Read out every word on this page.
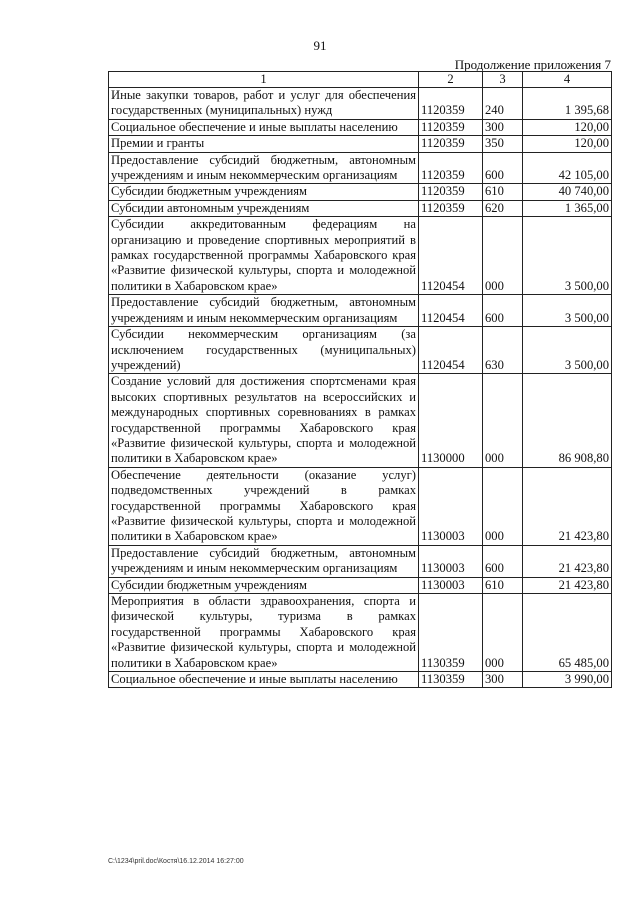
91
Продолжение приложения 7
1	2	3	4
Иные закупки товаров, работ и услуг для обеспечения государственных (муниципальных) нужд	1120359	240	1 395,68
Социальное обеспечение и иные выплаты населению	1120359	300	120,00
Премии и гранты	1120359	350	120,00
Предоставление субсидий бюджетным, автономным учреждениям и иным некоммерческим организациям	1120359	600	42 105,00
Субсидии бюджетным учреждениям	1120359	610	40 740,00
Субсидии автономным учреждениям	1120359	620	1 365,00
Субсидии аккредитованным федерациям на организацию и проведение спортивных мероприятий в рамках государственной программы Хабаровского края «Развитие физической культуры, спорта и молодежной политики в Хабаровском крае»	1120454	000	3 500,00
Предоставление субсидий бюджетным, автономным учреждениям и иным некоммерческим организациям	1120454	600	3 500,00
Субсидии некоммерческим организациям (за исключением государственных (муниципальных) учреждений)	1120454	630	3 500,00
Создание условий для достижения спортсменами края высоких спортивных результатов на всероссийских и международных спортивных соревнованиях в рамках государственной программы Хабаровского края «Развитие физической культуры, спорта и молодежной политики в Хабаровском крае»	1130000	000	86 908,80
Обеспечение деятельности (оказание услуг) подведомственных учреждений в рамках государственной программы Хабаровского края «Развитие физической культуры, спорта и молодежной политики в Хабаровском крае»	1130003	000	21 423,80
Предоставление субсидий бюджетным, автономным учреждениям и иным некоммерческим организациям	1130003	600	21 423,80
Субсидии бюджетным учреждениям	1130003	610	21 423,80
Мероприятия в области здравоохранения, спорта и физической культуры, туризма в рамках государственной программы Хабаровского края «Развитие физической культуры, спорта и молодежной политики в Хабаровском крае»	1130359	000	65 485,00
Социальное обеспечение и иные выплаты населению	1130359	300	3 990,00
C:\1234\pril.doc\Костя\16.12.2014 16:27:00
